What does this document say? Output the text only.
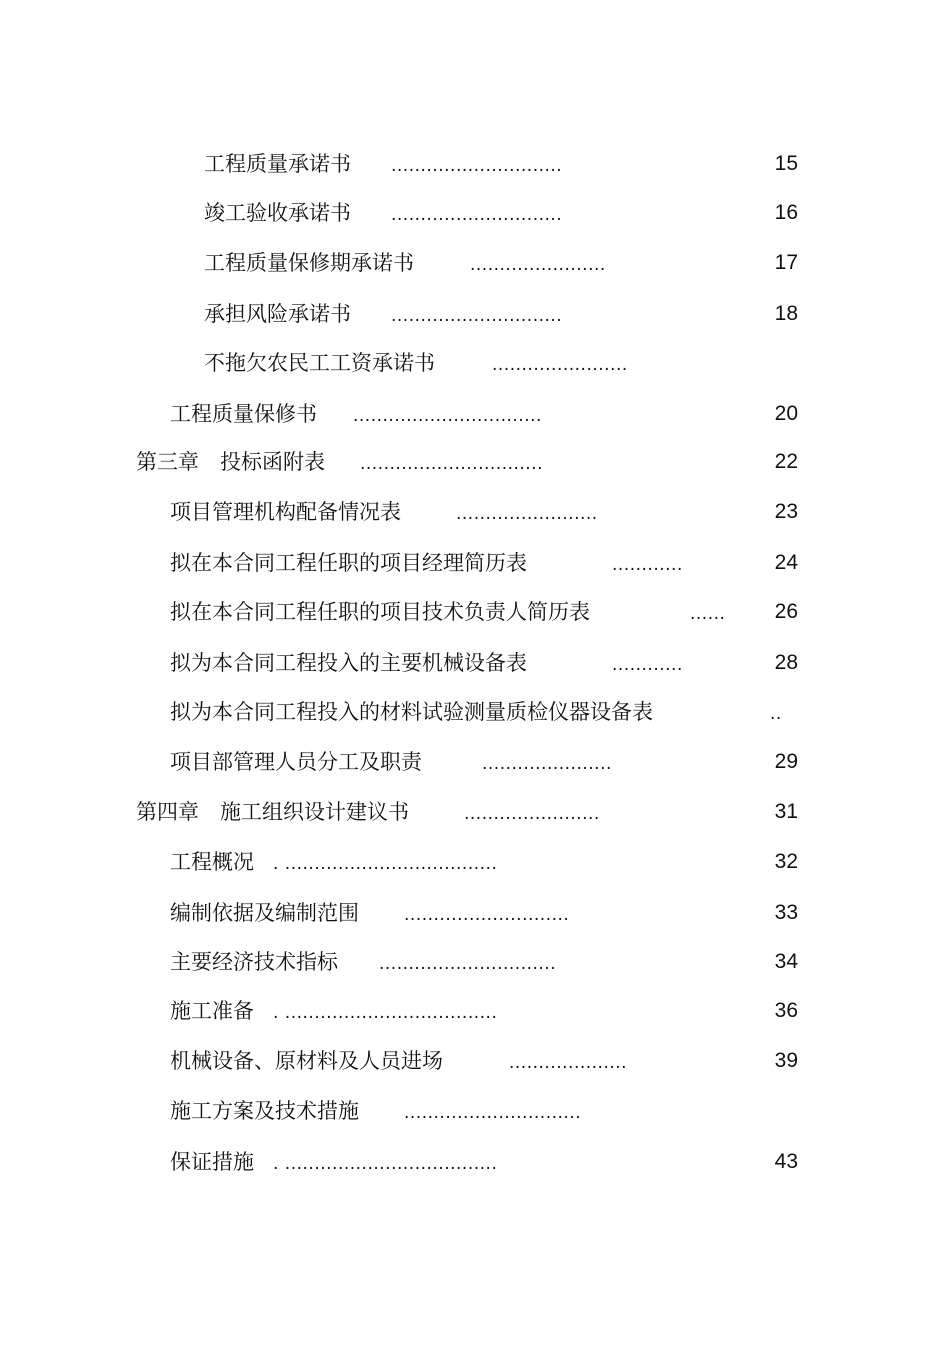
工程质量承诺书 .............................	15
竣工验收承诺书 .............................	16
工程质量保修期承诺书	.......................	17
承担风险承诺书 .............................	18
不拖欠农民工工资承诺书	.......................
工程质量保修书 ................................	20
第三章　投标函附表 ...............................	22
项目管理机构配备情况表	........................	23
拟在本合同工程任职的项目经理简历表	............	24
拟在本合同工程任职的项目技术负责人简历表	...... 26
拟为本合同工程投入的主要机械设备表	............	28
拟为本合同工程投入的材料试验测量质检仪器设备表	..
项目部管理人员分工及职责	......................	29
第四章　施工组织设计建议书	.......................	31
工程概况 . ....................................	32
编制依据及编制范围	............................	33
主要经济技术指标 ..............................	34
施工准备 . ....................................	36
机械设备、原材料及人员进场	....................	39
施工方案及技术措施	..............................
保证措施 . ....................................	43
